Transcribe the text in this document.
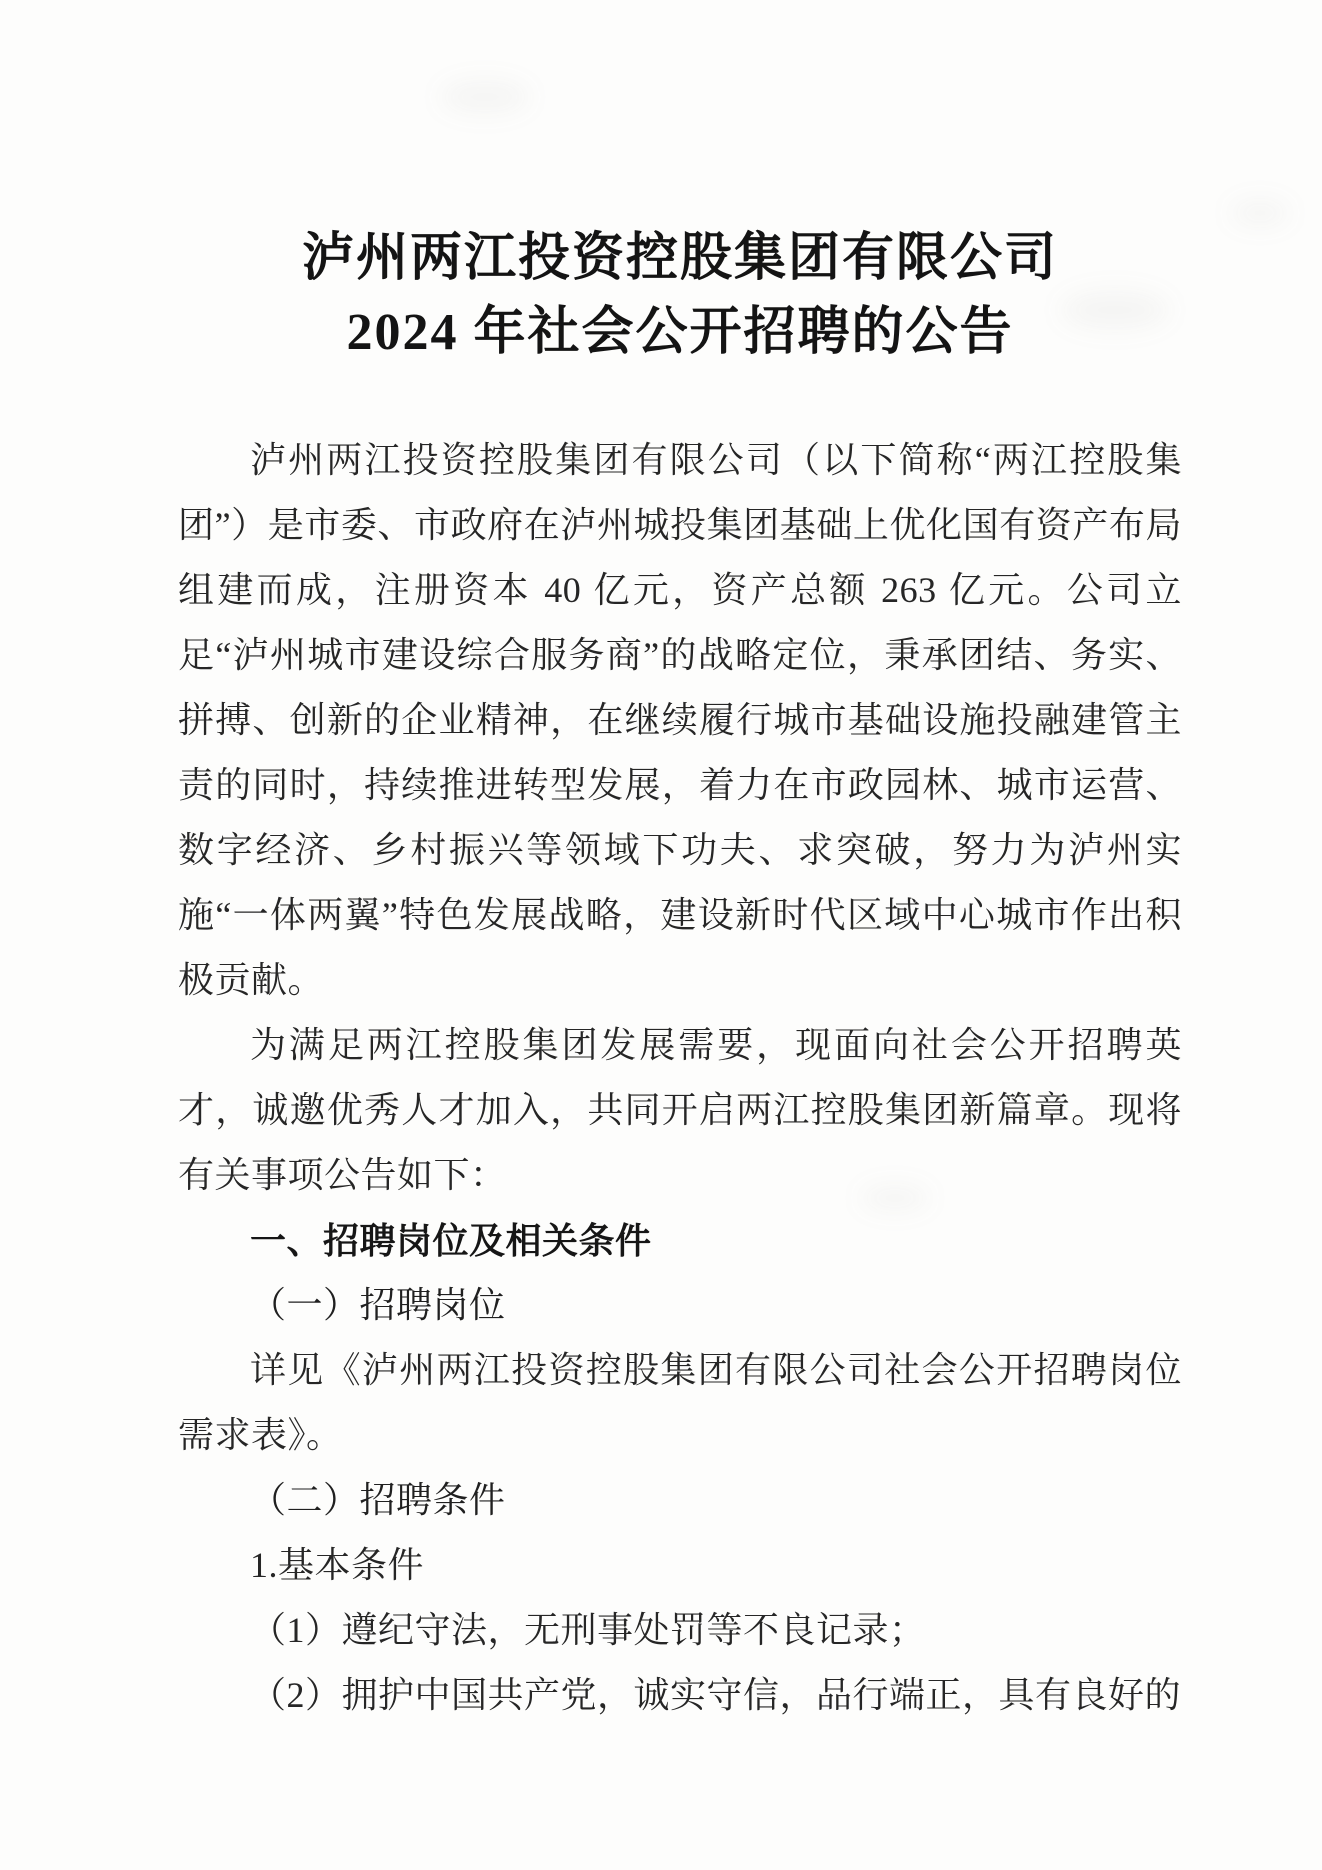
泸州两江投资控股集团有限公司
2024 年社会公开招聘的公告

泸州两江投资控股集团有限公司（以下简称“两江控股集团”）是市委、市政府在泸州城投集团基础上优化国有资产布局组建而成，注册资本 40 亿元，资产总额 263 亿元。公司立足“泸州城市建设综合服务商”的战略定位，秉承团结、务实、拼搏、创新的企业精神，在继续履行城市基础设施投融建管主责的同时，持续推进转型发展，着力在市政园林、城市运营、数字经济、乡村振兴等领域下功夫、求突破，努力为泸州实施“一体两翼”特色发展战略，建设新时代区域中心城市作出积极贡献。

为满足两江控股集团发展需要，现面向社会公开招聘英才，诚邀优秀人才加入，共同开启两江控股集团新篇章。现将有关事项公告如下：

一、招聘岗位及相关条件

（一）招聘岗位

详见《泸州两江投资控股集团有限公司社会公开招聘岗位需求表》。

（二）招聘条件

1.基本条件

（1）遵纪守法，无刑事处罚等不良记录；

（2）拥护中国共产党，诚实守信，品行端正，具有良好的
